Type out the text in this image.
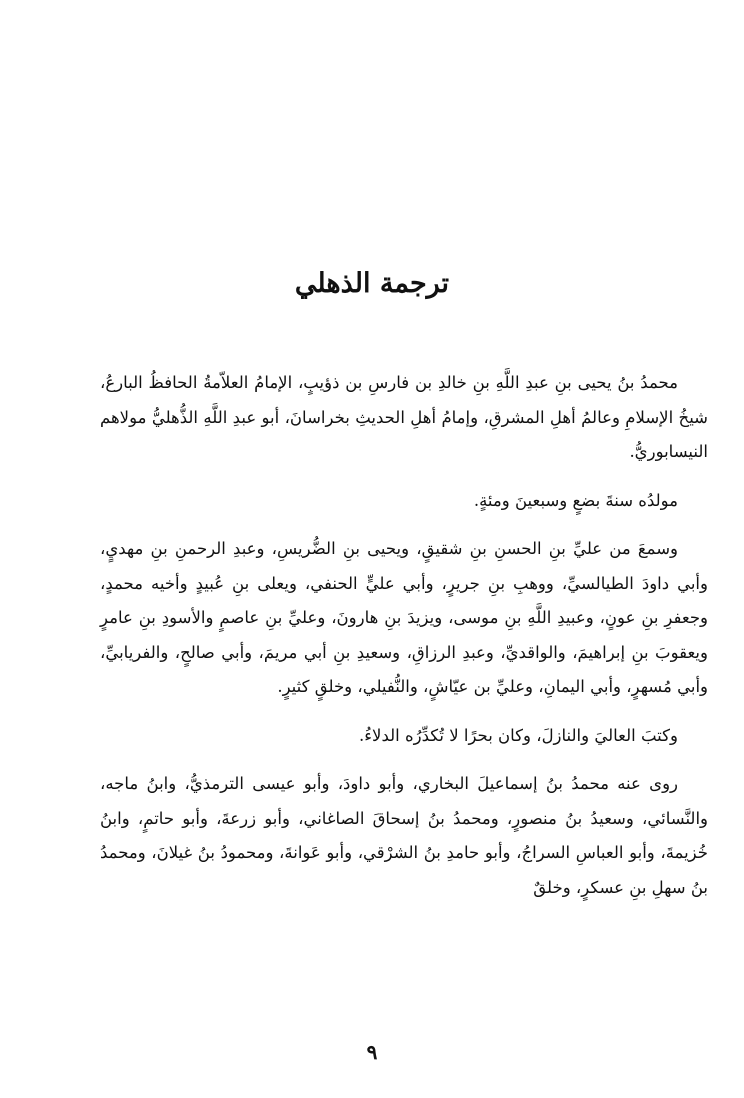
ترجمة الذهلي

محمدُ بنُ يحيى بنِ عبدِ اللَّهِ بنِ خالدِ بن فارسِ بن ذؤيبٍ، الإمامُ العلاّمةُ الحافظُ البارعُ، شيخُ الإسلامِ وعالمُ أهلِ المشرقِ، وإمامُ أهلِ الحديثِ بخراسانَ، أبو عبدِ اللَّهِ الذُّهليُّ مولاهم النيسابوريُّ.

مولدُه سنةَ بضعٍ وسبعينَ ومئةٍ.

وسمعَ من عليِّ بنِ الحسنِ بنِ شقيقٍ، ويحيى بنِ الضُّريسِ، وعبدِ الرحمنِ بنِ مهديٍ، وأبي داودَ الطيالسيِّ، ووهبِ بنِ جريرٍ، وأبي عليٍّ الحنفي، ويعلى بنِ عُبيدٍ وأخيه محمدٍ، وجعفرِ بنِ عونٍ، وعبيدِ اللَّهِ بنِ موسى، ويزيدَ بنِ هارونَ، وعليِّ بنِ عاصمٍ والأسودِ بنِ عامرٍ ويعقوبَ بنِ إبراهيمَ، والواقديِّ، وعبدِ الرزاقِ، وسعيدِ بنِ أبي مريمَ، وأبي صالحٍ، والفريابيِّ، وأبي مُسهرٍ، وأبي اليمانِ، وعليِّ بن عيّاشٍ، والنُّفيلي، وخلقٍ كثيرٍ.

وكتبَ العاليَ والنازلَ، وكان بحرًا لا تُكدِّرُه الدلاءُ.

روى عنه محمدُ بنُ إسماعيلَ البخاري، وأبو داودَ، وأبو عيسى الترمذيُّ، وابنُ ماجه، والنَّسائي، وسعيدُ بنُ منصورٍ، ومحمدُ بنُ إسحاقَ الصاغاني، وأبو زرعةَ، وأبو حاتمٍ، وابنُ خُزيمةَ، وأبو العباسِ السراجُ، وأبو حامدِ بنُ الشرْقي، وأبو عَوانةَ، ومحمودُ بنُ غيلانَ، ومحمدُ بنُ سهلِ بنِ عسكرٍ، وخلقٌ

٩
